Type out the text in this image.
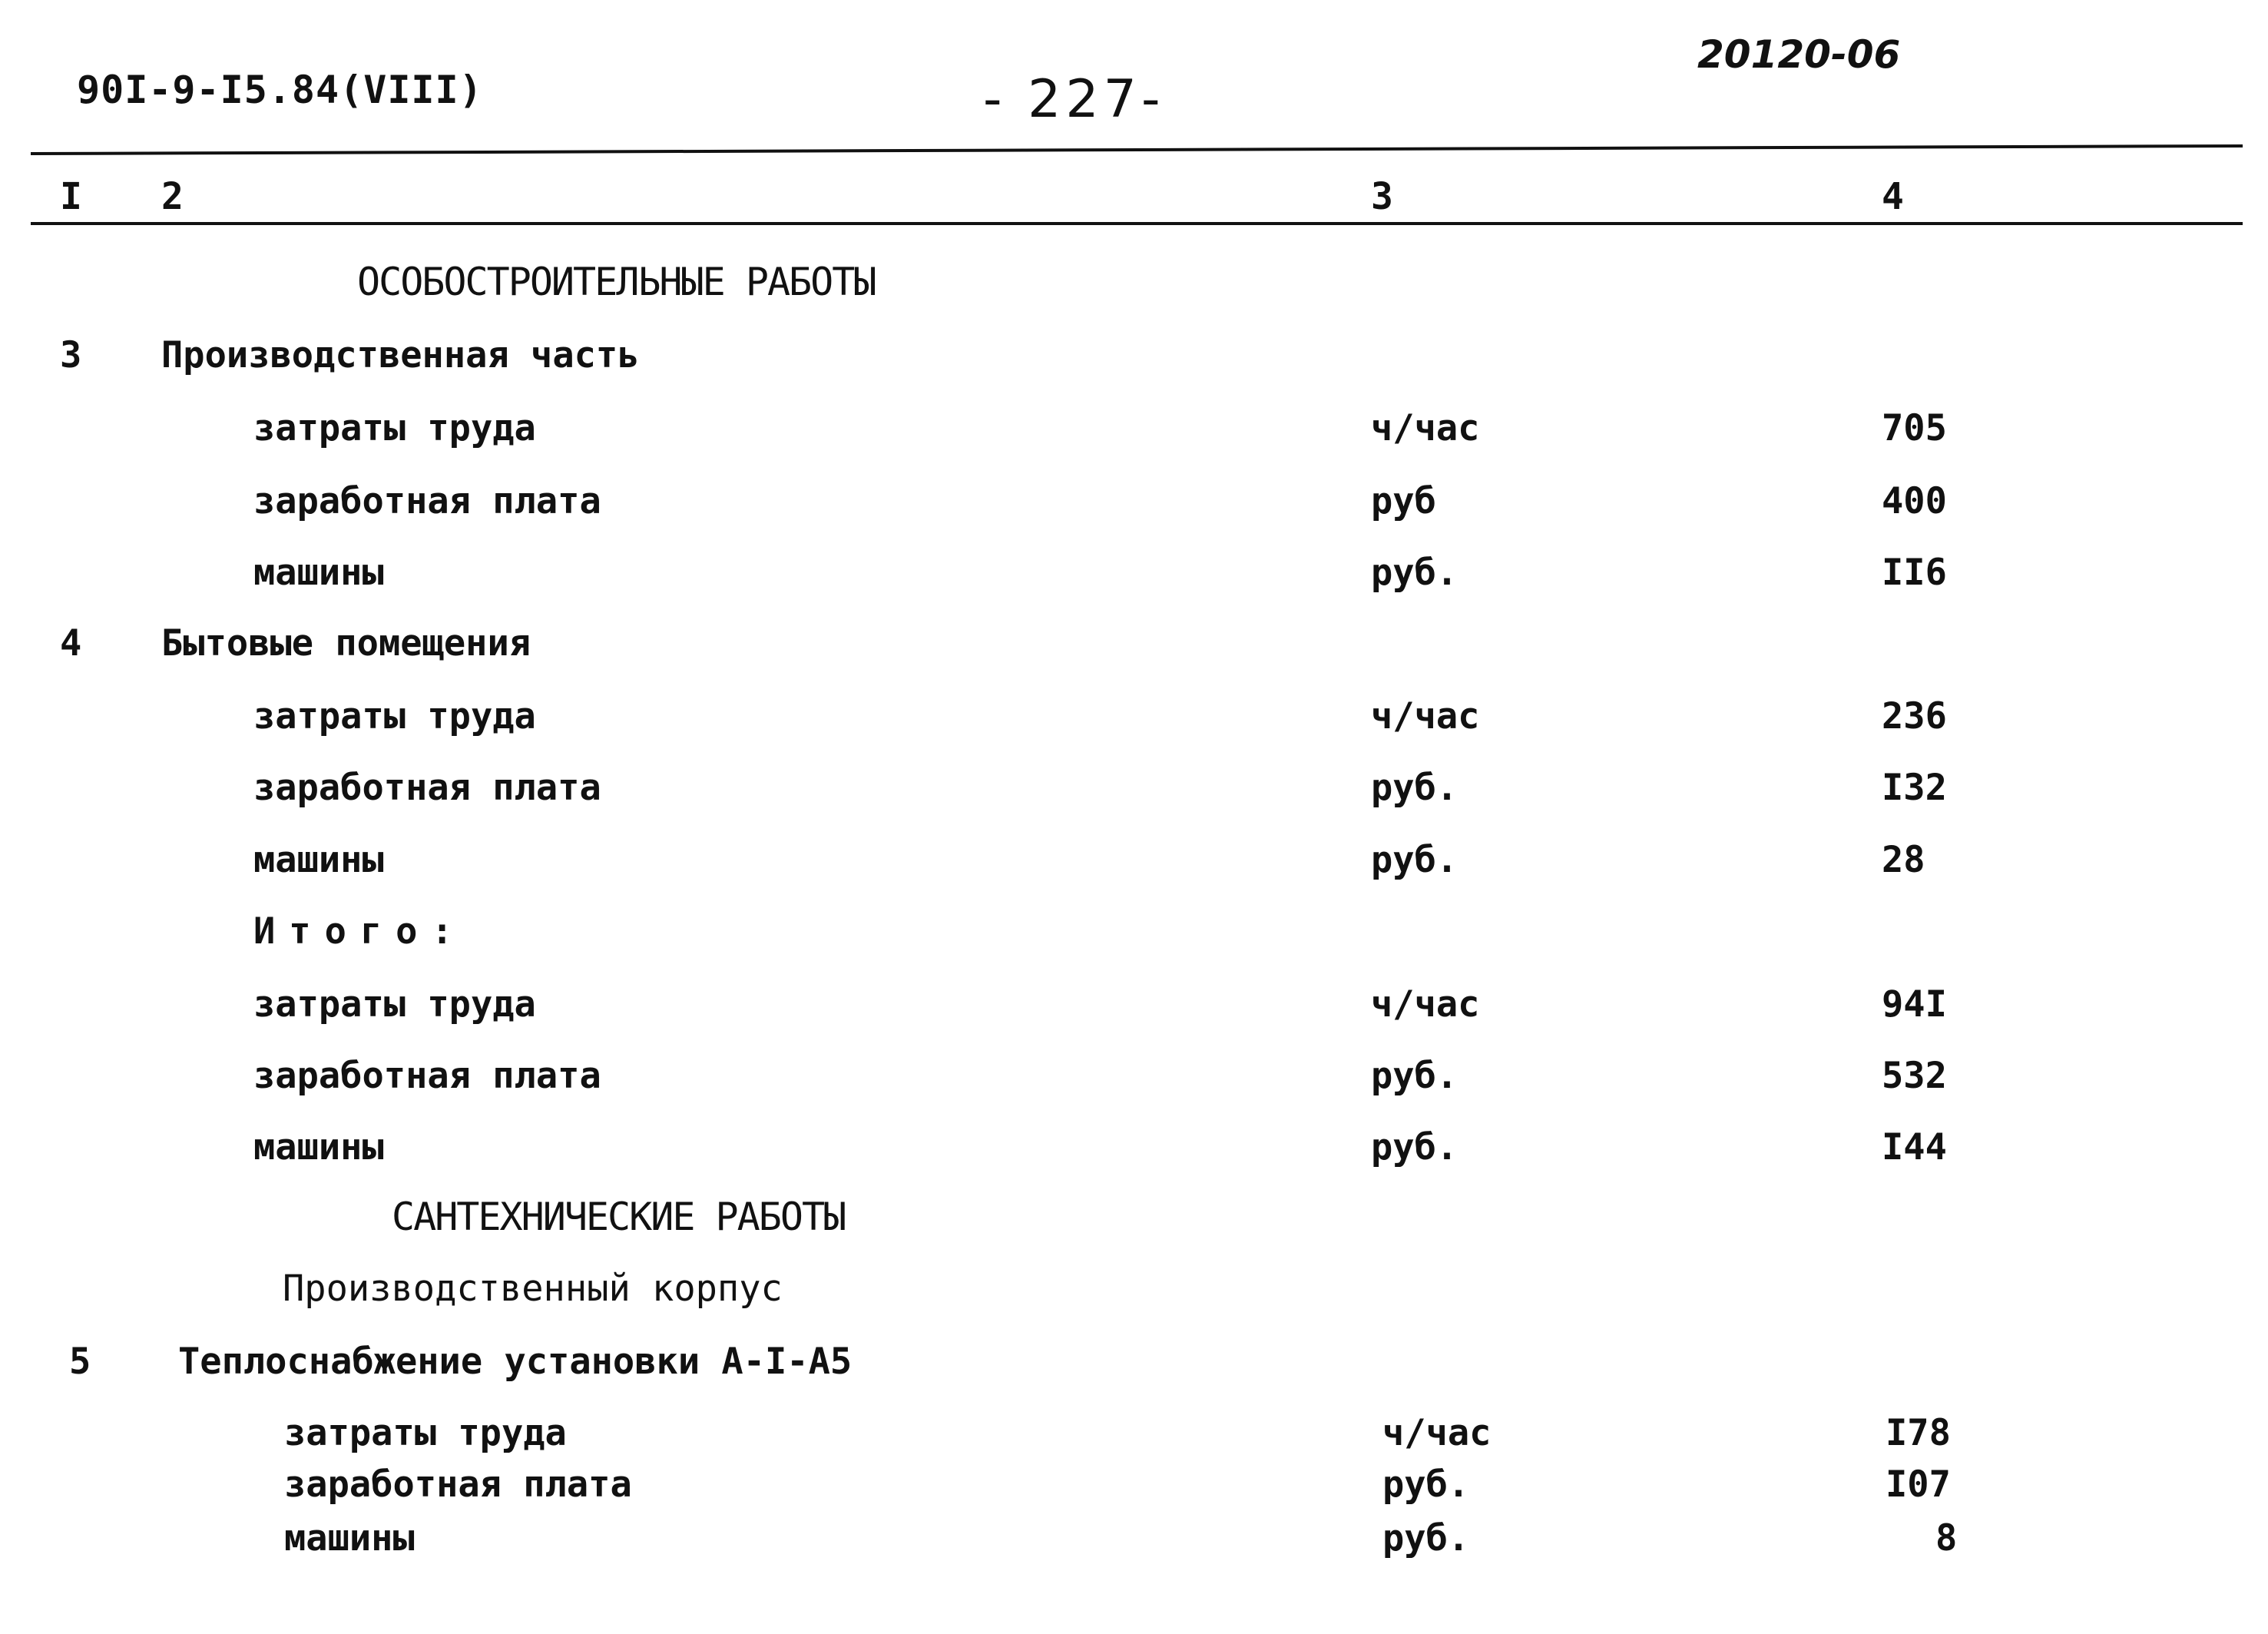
90I-9-I5.84(VIII)	- 227-
20120-06
I 2	3	4
ОСОБОСТРОИТЕЛЬНЫЕ РАБОТЫ
3 Производственная часть
затраты труда	ч/час	705
заработная плата	руб	400
машины	руб.	II6
4 Бытовые помещения
затраты труда	ч/час	236
заработная плата	руб.	I32
машины	руб.	28
Итого:
затраты труда	ч/час	94I
заработная плата	руб.	532
машины	руб.	I44
САНТЕХНИЧЕСКИЕ РАБОТЫ
Производственный корпус
5 Теплоснабжение установки А-I-А5
затраты труда	ч/час	I78
заработная плата	руб.	I07
машины	руб.	8
